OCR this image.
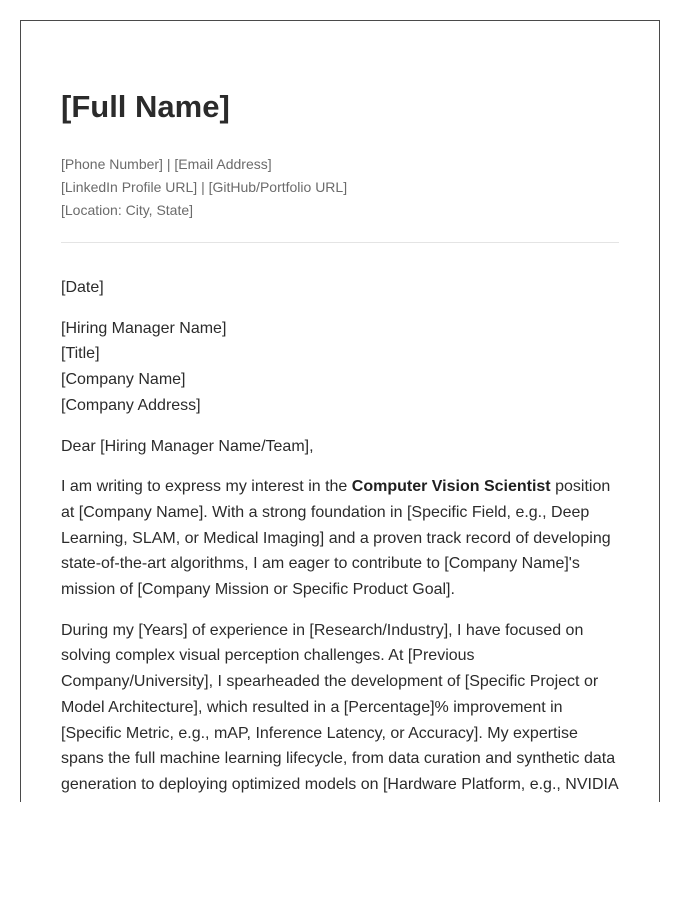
[Full Name]
[Phone Number] | [Email Address]
[LinkedIn Profile URL] | [GitHub/Portfolio URL]
[Location: City, State]
[Date]
[Hiring Manager Name]
[Title]
[Company Name]
[Company Address]
Dear [Hiring Manager Name/Team],

I am writing to express my interest in the Computer Vision Scientist position at [Company Name]. With a strong foundation in [Specific Field, e.g., Deep Learning, SLAM, or Medical Imaging] and a proven track record of developing state-of-the-art algorithms, I am eager to contribute to [Company Name]'s mission of [Company Mission or Specific Product Goal].

During my [Years] of experience in [Research/Industry], I have focused on solving complex visual perception challenges. At [Previous Company/University], I spearheaded the development of [Specific Project or Model Architecture], which resulted in a [Percentage]% improvement in [Specific Metric, e.g., mAP, Inference Latency, or Accuracy]. My expertise spans the full machine learning lifecycle, from data curation and synthetic data generation to deploying optimized models on [Hardware Platform, e.g., NVIDIA
